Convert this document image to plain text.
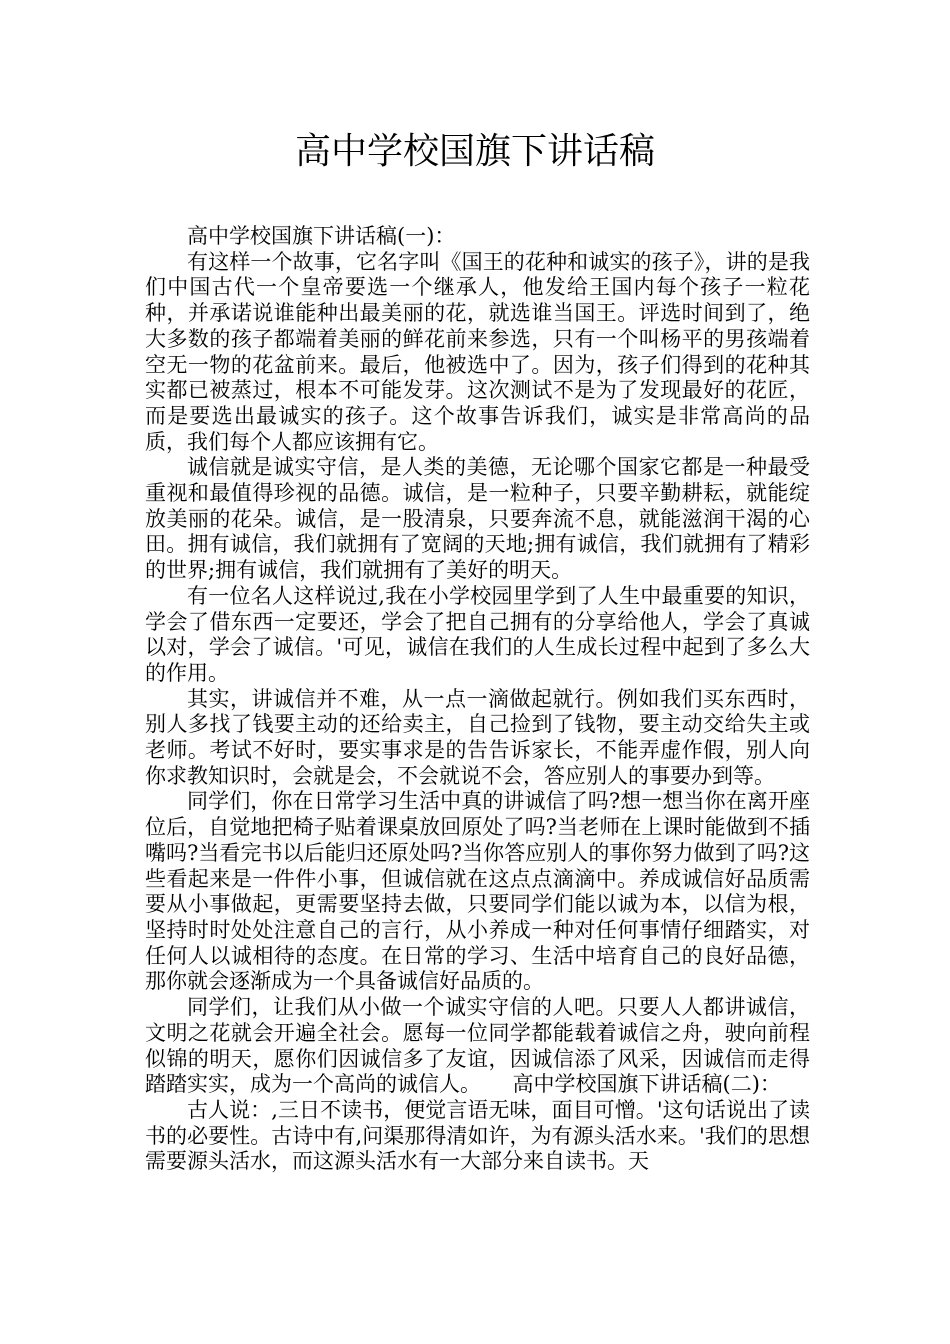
高中学校国旗下讲话稿

高中学校国旗下讲话稿(一)：

有这样一个故事，它名字叫《国王的花种和诚实的孩子》，讲的是我们中国古代一个皇帝要选一个继承人，他发给王国内每个孩子一粒花种，并承诺说谁能种出最美丽的花，就选谁当国王。评选时间到了，绝大多数的孩子都端着美丽的鲜花前来参选，只有一个叫杨平的男孩端着空无一物的花盆前来。最后，他被选中了。因为，孩子们得到的花种其实都已被蒸过，根本不可能发芽。这次测试不是为了发现最好的花匠，而是要选出最诚实的孩子。这个故事告诉我们，诚实是非常高尚的品质，我们每个人都应该拥有它。

诚信就是诚实守信，是人类的美德，无论哪个国家它都是一种最受重视和最值得珍视的品德。诚信，是一粒种子，只要辛勤耕耘，就能绽放美丽的花朵。诚信，是一股清泉，只要奔流不息，就能滋润干渴的心田。拥有诚信，我们就拥有了宽阔的天地;拥有诚信，我们就拥有了精彩的世界;拥有诚信，我们就拥有了美好的明天。

有一位名人这样说过,我在小学校园里学到了人生中最重要的知识，学会了借东西一定要还，学会了把自己拥有的分享给他人，学会了真诚以对，学会了诚信。'可见，诚信在我们的人生成长过程中起到了多么大的作用。

其实，讲诚信并不难，从一点一滴做起就行。例如我们买东西时，别人多找了钱要主动的还给卖主，自己捡到了钱物，要主动交给失主或老师。考试不好时，要实事求是的告告诉家长，不能弄虚作假，别人向你求教知识时，会就是会，不会就说不会，答应别人的事要办到等。

同学们，你在日常学习生活中真的讲诚信了吗?想一想当你在离开座位后，自觉地把椅子贴着课桌放回原处了吗?当老师在上课时能做到不插嘴吗?当看完书以后能归还原处吗?当你答应别人的事你努力做到了吗?这些看起来是一件件小事，但诚信就在这点点滴滴中。养成诚信好品质需要从小事做起，更需要坚持去做，只要同学们能以诚为本，以信为根，坚持时时处处注意自己的言行，从小养成一种对任何事情仔细踏实，对任何人以诚相待的态度。在日常的学习、生活中培育自己的良好品德，那你就会逐渐成为一个具备诚信好品质的。

同学们，让我们从小做一个诚实守信的人吧。只要人人都讲诚信，文明之花就会开遍全社会。愿每一位同学都能载着诚信之舟，驶向前程似锦的明天，愿你们因诚信多了友谊，因诚信添了风采，因诚信而走得踏踏实实，成为一个高尚的诚信人。　　高中学校国旗下讲话稿(二)：

古人说：,三日不读书，便觉言语无味，面目可憎。'这句话说出了读书的必要性。古诗中有,问渠那得清如许，为有源头活水来。'我们的思想需要源头活水，而这源头活水有一大部分来自读书。天
